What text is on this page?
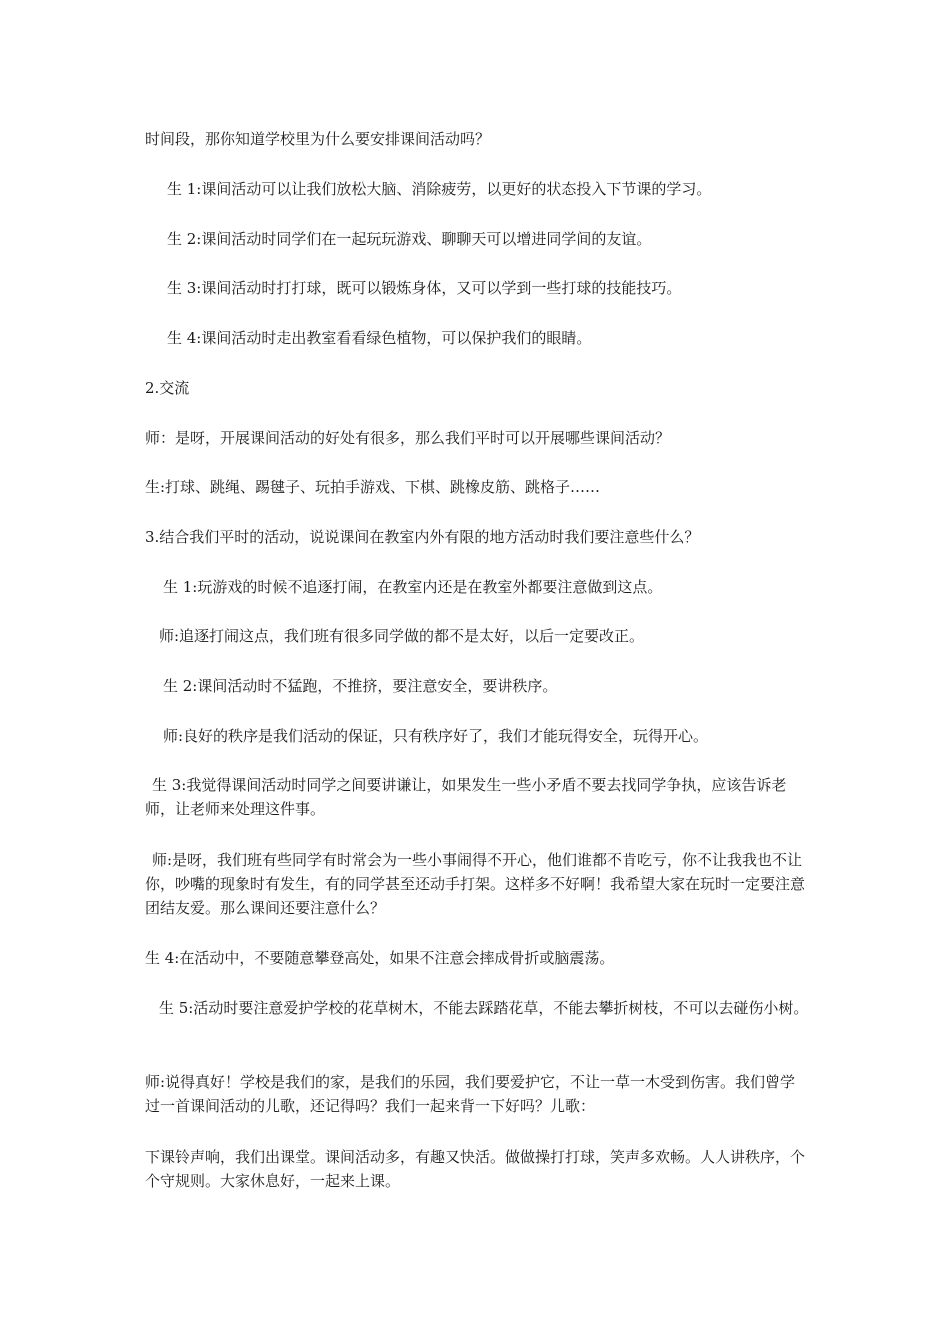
时间段，那你知道学校里为什么要安排课间活动吗？

生 1:课间活动可以让我们放松大脑、消除疲劳，以更好的状态投入下节课的学习。

生 2:课间活动时同学们在一起玩玩游戏、聊聊天可以增进同学间的友谊。

生 3:课间活动时打打球，既可以锻炼身体，又可以学到一些打球的技能技巧。

生 4:课间活动时走出教室看看绿色植物，可以保护我们的眼睛。

2.交流

师：是呀，开展课间活动的好处有很多，那么我们平时可以开展哪些课间活动？

生:打球、跳绳、踢毽子、玩拍手游戏、下棋、跳橡皮筋、跳格子……

3.结合我们平时的活动，说说课间在教室内外有限的地方活动时我们要注意些什么？

生 1:玩游戏的时候不追逐打闹，在教室内还是在教室外都要注意做到这点。

师:追逐打闹这点，我们班有很多同学做的都不是太好，以后一定要改正。

生 2:课间活动时不猛跑，不推挤，要注意安全，要讲秩序。

师:良好的秩序是我们活动的保证，只有秩序好了，我们才能玩得安全，玩得开心。

生 3:我觉得课间活动时同学之间要讲谦让，如果发生一些小矛盾不要去找同学争执，应该告诉老师，让老师来处理这件事。

师:是呀，我们班有些同学有时常会为一些小事闹得不开心，他们谁都不肯吃亏，你不让我我也不让你，吵嘴的现象时有发生，有的同学甚至还动手打架。这样多不好啊！我希望大家在玩时一定要注意团结友爱。那么课间还要注意什么？

生 4:在活动中，不要随意攀登高处，如果不注意会摔成骨折或脑震荡。

生 5:活动时要注意爱护学校的花草树木，不能去踩踏花草，不能去攀折树枝，不可以去碰伤小树。

师:说得真好！学校是我们的家，是我们的乐园，我们要爱护它，不让一草一木受到伤害。我们曾学过一首课间活动的儿歌，还记得吗？我们一起来背一下好吗？儿歌：

下课铃声响，我们出课堂。课间活动多，有趣又快活。做做操打打球，笑声多欢畅。人人讲秩序，个个守规则。大家休息好，一起来上课。
